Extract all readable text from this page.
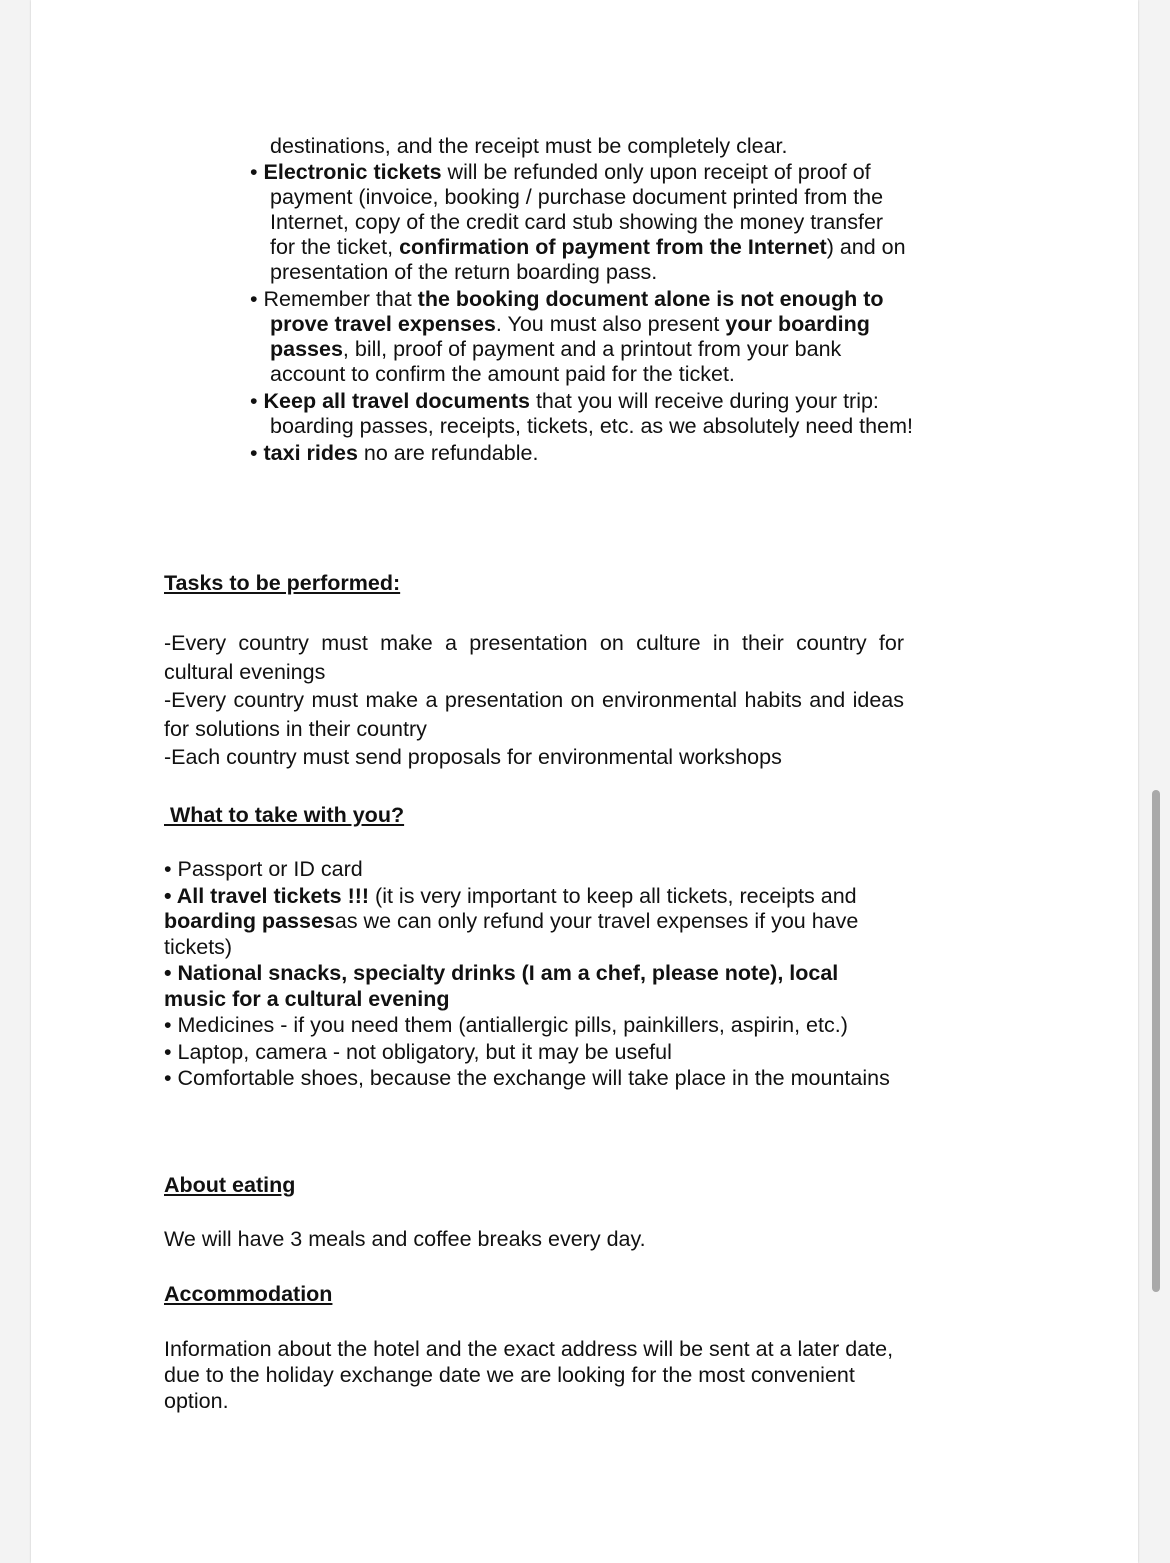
destinations, and the receipt must be completely clear.
• Electronic tickets will be refunded only upon receipt of proof of payment (invoice, booking / purchase document printed from the Internet, copy of the credit card stub showing the money transfer for the ticket, confirmation of payment from the Internet) and on presentation of the return boarding pass.
• Remember that the booking document alone is not enough to prove travel expenses. You must also present your boarding passes, bill, proof of payment and a printout from your bank account to confirm the amount paid for the ticket.
• Keep all travel documents that you will receive during your trip: boarding passes, receipts, tickets, etc. as we absolutely need them!
• taxi rides no are refundable.
Tasks to be performed:

-Every country must make a presentation on culture in their country for cultural evenings

-Every country must make a presentation on environmental habits and ideas for solutions in their country

-Each country must send proposals for environmental workshops

What to take with you?
• Passport or ID card
• All travel tickets !!! (it is very important to keep all tickets, receipts and boarding passesas we can only refund your travel expenses if you have tickets)
• National snacks, specialty drinks (I am a chef, please note), local music for a cultural evening
• Medicines - if you need them (antiallergic pills, painkillers, aspirin, etc.)
• Laptop, camera - not obligatory, but it may be useful
• Comfortable shoes, because the exchange will take place in the mountains
About eating
We will have 3 meals and coffee breaks every day.
Accommodation
Information about the hotel and the exact address will be sent at a later date, due to the holiday exchange date we are looking for the most convenient option.
